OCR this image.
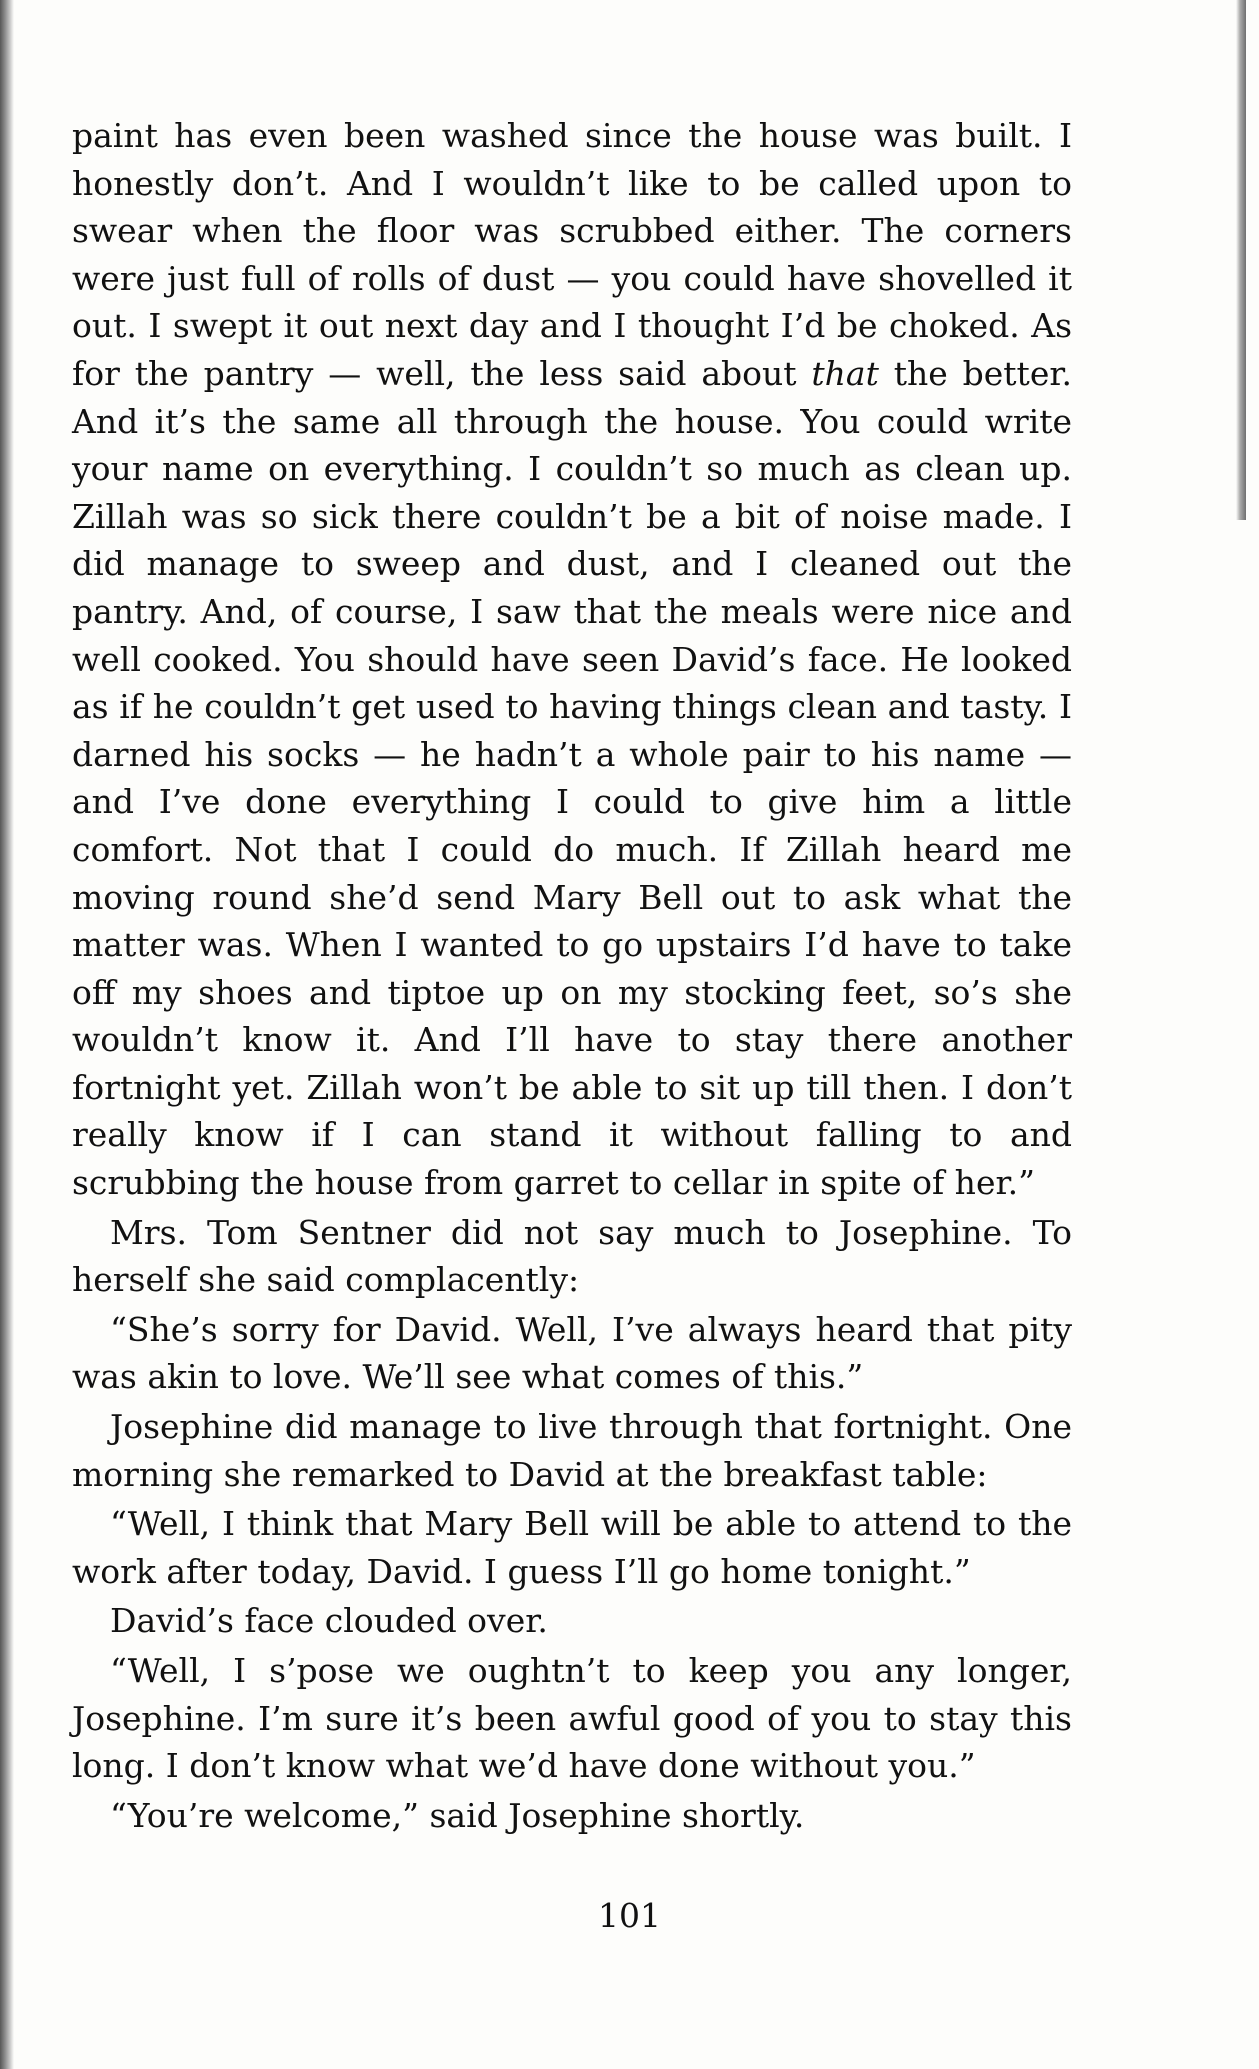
paint has even been washed since the house was built. I honestly don’t. And I wouldn’t like to be called upon to swear when the floor was scrubbed either. The corners were just full of rolls of dust — you could have shovelled it out. I swept it out next day and I thought I’d be choked. As for the pantry — well, the less said about that the better. And it’s the same all through the house. You could write your name on everything. I couldn’t so much as clean up. Zillah was so sick there couldn’t be a bit of noise made. I did manage to sweep and dust, and I cleaned out the pantry. And, of course, I saw that the meals were nice and well cooked. You should have seen David’s face. He looked as if he couldn’t get used to having things clean and tasty. I darned his socks — he hadn’t a whole pair to his name — and I’ve done everything I could to give him a little comfort. Not that I could do much. If Zillah heard me moving round she’d send Mary Bell out to ask what the matter was. When I wanted to go upstairs I’d have to take off my shoes and tiptoe up on my stocking feet, so’s she wouldn’t know it. And I’ll have to stay there another fortnight yet. Zillah won’t be able to sit up till then. I don’t really know if I can stand it without falling to and scrubbing the house from garret to cellar in spite of her.”

Mrs. Tom Sentner did not say much to Josephine. To herself she said complacently:

“She’s sorry for David. Well, I’ve always heard that pity was akin to love. We’ll see what comes of this.”

Josephine did manage to live through that fortnight. One morning she remarked to David at the breakfast table:

“Well, I think that Mary Bell will be able to attend to the work after today, David. I guess I’ll go home tonight.”

David’s face clouded over.

“Well, I s’pose we oughtn’t to keep you any longer, Josephine. I’m sure it’s been awful good of you to stay this long. I don’t know what we’d have done without you.”

“You’re welcome,” said Josephine shortly.

101
